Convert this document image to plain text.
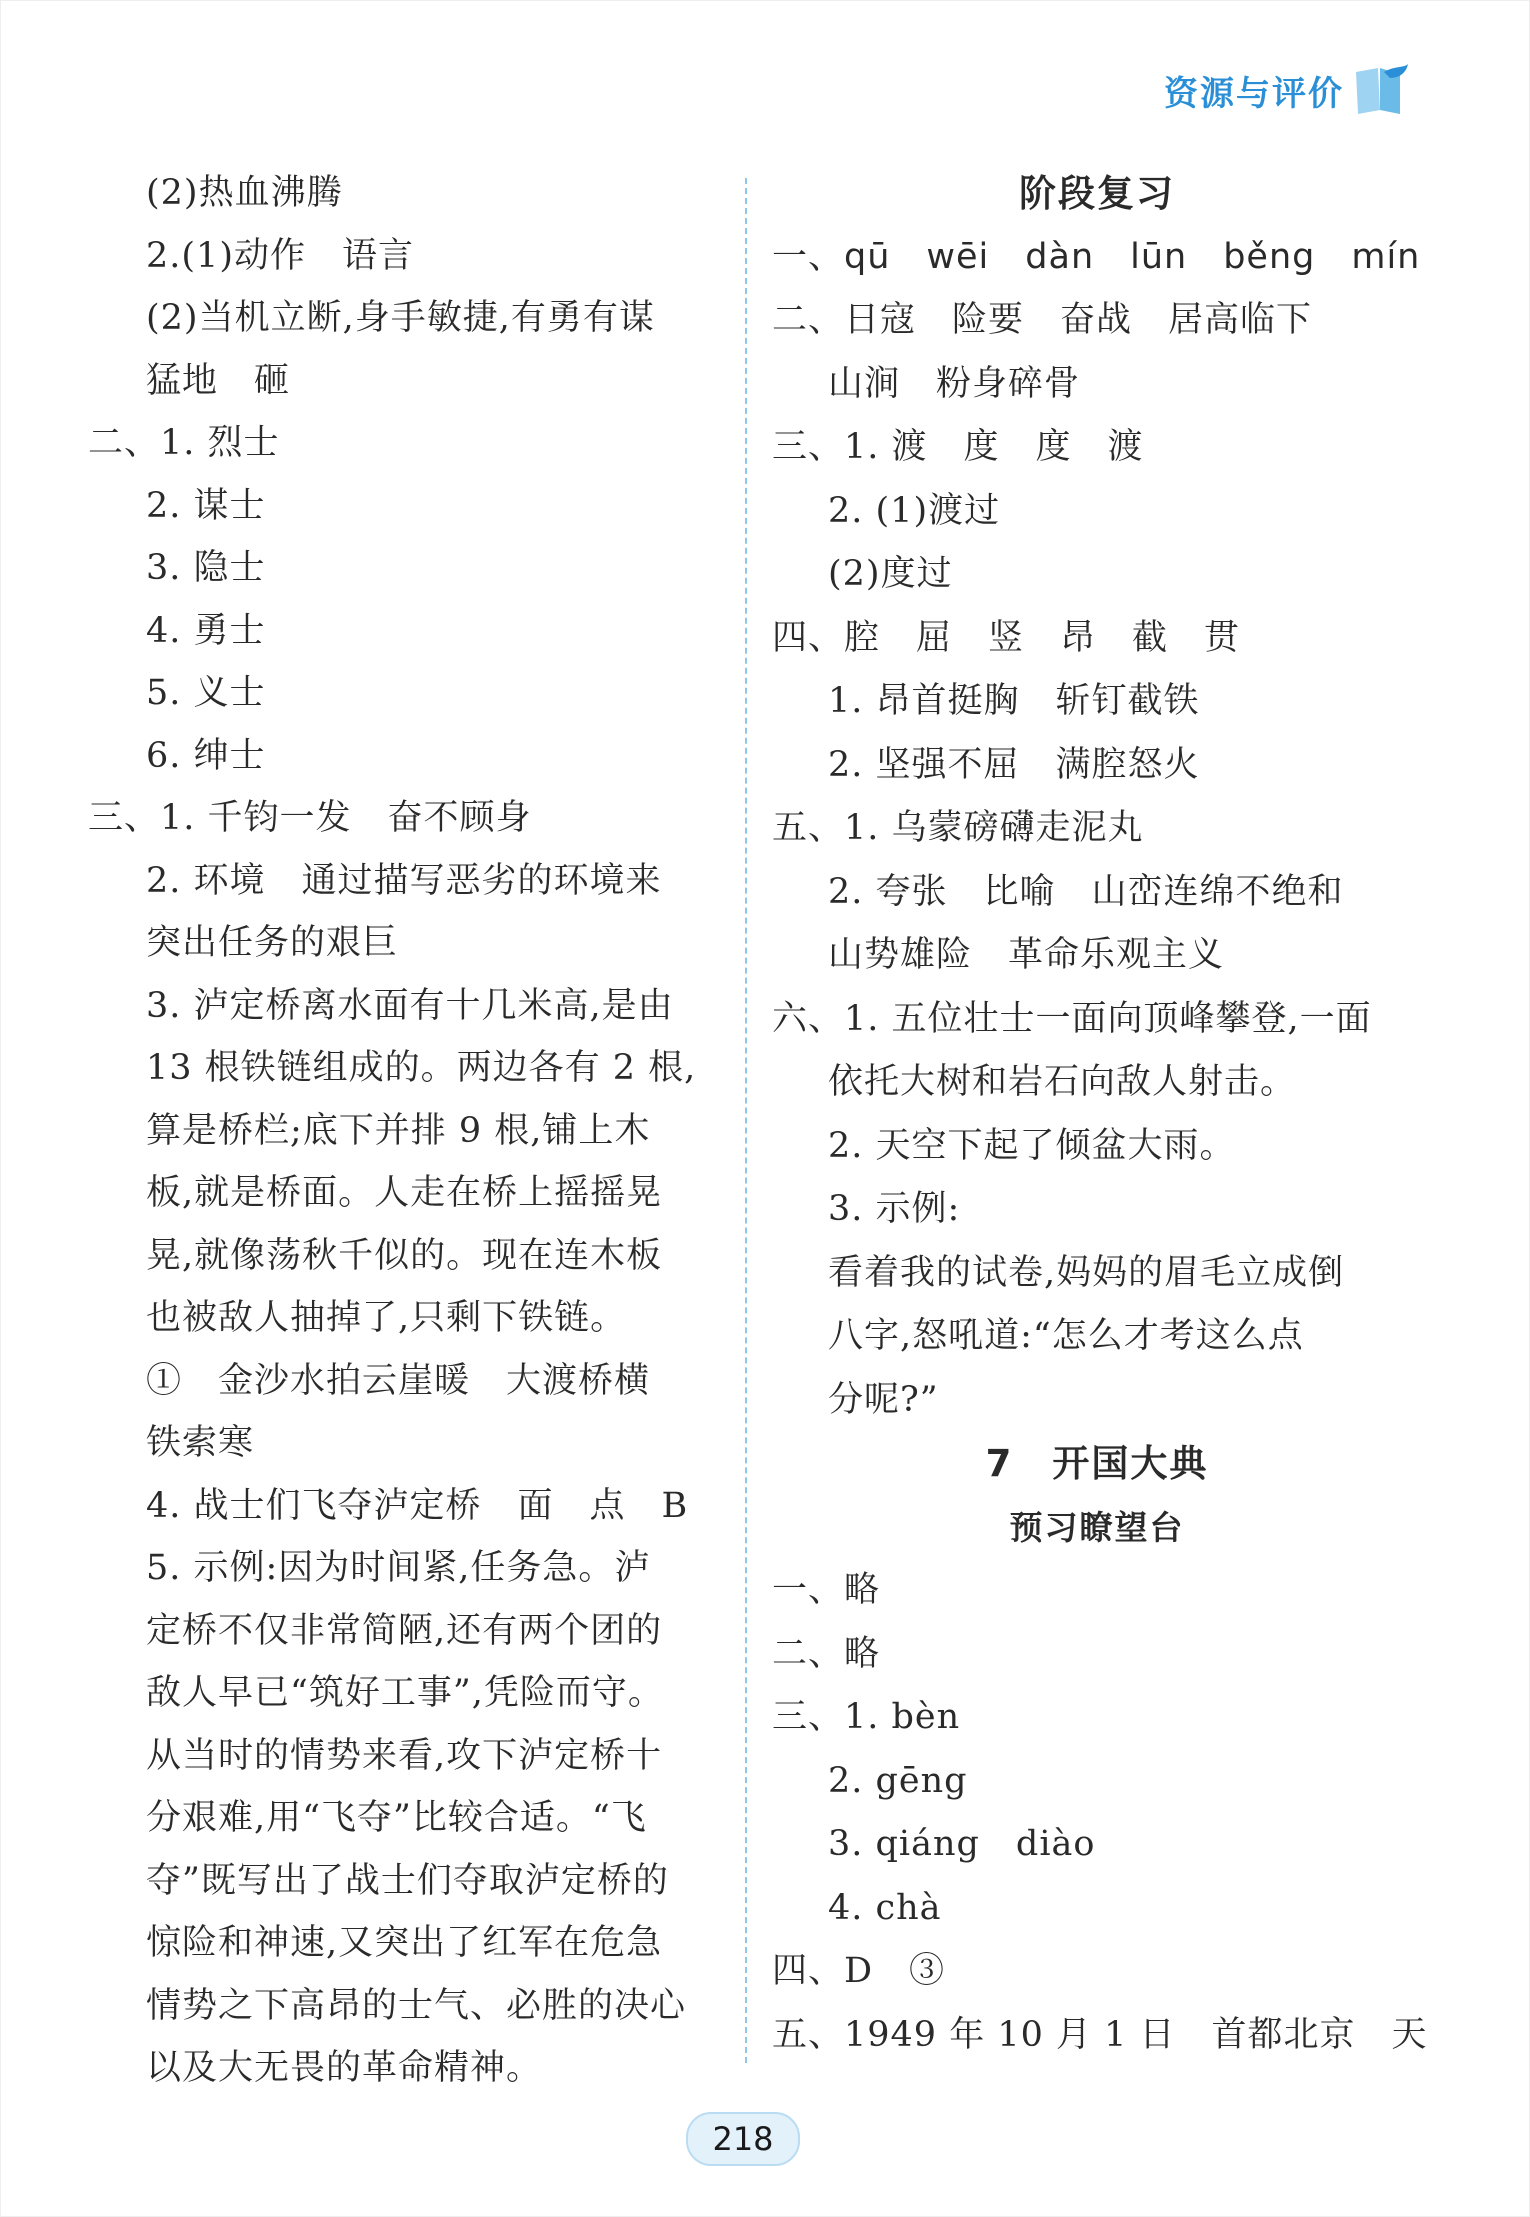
资源与评价
(2)热血沸腾
2.(1)动作　语言
(2)当机立断,身手敏捷,有勇有谋
猛地　砸
二、1. 烈士
2. 谋士
3. 隐士
4. 勇士
5. 义士
6. 绅士
三、1. 千钧一发　奋不顾身
2. 环境　通过描写恶劣的环境来
突出任务的艰巨
3. 泸定桥离水面有十几米高,是由
13 根铁链组成的。两边各有 2 根,
算是桥栏;底下并排 9 根,铺上木
板,就是桥面。人走在桥上摇摇晃
晃,就像荡秋千似的。现在连木板
也被敌人抽掉了,只剩下铁链。
①　金沙水拍云崖暖　大渡桥横
铁索寒
4. 战士们飞夺泸定桥　面　点　B
5. 示例:因为时间紧,任务急。泸
定桥不仅非常简陋,还有两个团的
敌人早已“筑好工事”,凭险而守。
从当时的情势来看,攻下泸定桥十
分艰难,用“飞夺”比较合适。“飞
夺”既写出了战士们夺取泸定桥的
惊险和神速,又突出了红军在危急
情势之下高昂的士气、必胜的决心
以及大无畏的革命精神。
阶段复习
一、qū　wēi　dàn　lūn　běng　mín
二、日寇　险要　奋战　居高临下
山涧　粉身碎骨
三、1. 渡　度　度　渡
2. (1)渡过
(2)度过
四、腔　屈　竖　昂　截　贯
1. 昂首挺胸　斩钉截铁
2. 坚强不屈　满腔怒火
五、1. 乌蒙磅礴走泥丸
2. 夸张　比喻　山峦连绵不绝和
山势雄险　革命乐观主义
六、1. 五位壮士一面向顶峰攀登,一面
依托大树和岩石向敌人射击。
2. 天空下起了倾盆大雨。
3. 示例:
看着我的试卷,妈妈的眉毛立成倒
八字,怒吼道:“怎么才考这么点
分呢?”
7　开国大典
预习瞭望台
一、略
二、略
三、1. bèn
2. gēng
3. qiáng　diào
4. chà
四、D　③
五、1949 年 10 月 1 日　首都北京　天
218
